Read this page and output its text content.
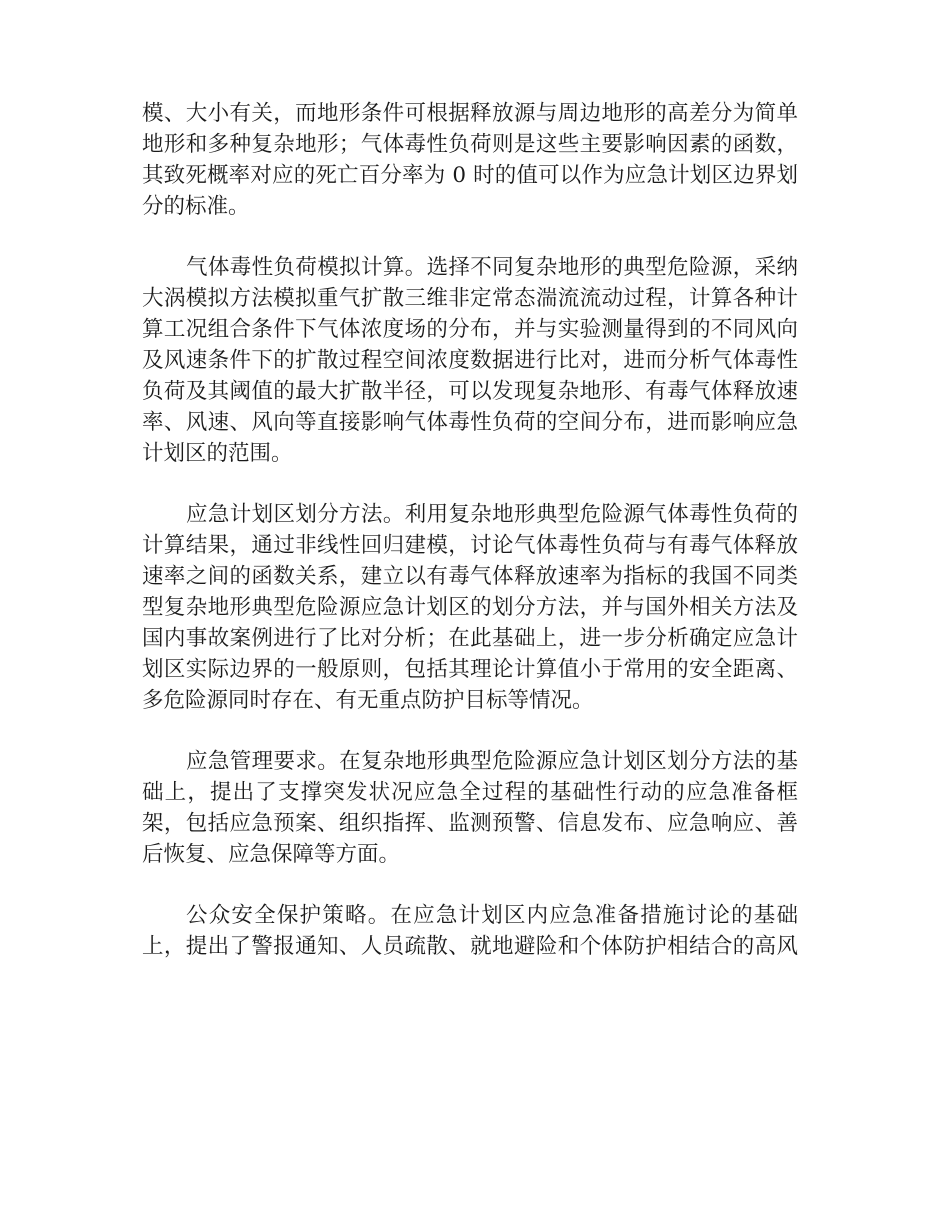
模、大小有关，而地形条件可根据释放源与周边地形的高差分为简单
地形和多种复杂地形；气体毒性负荷则是这些主要影响因素的函数，
其致死概率对应的死亡百分率为 0 时的值可以作为应急计划区边界划
分的标准。
气体毒性负荷模拟计算。选择不同复杂地形的典型危险源，采纳
大涡模拟方法模拟重气扩散三维非定常态湍流流动过程，计算各种计
算工况组合条件下气体浓度场的分布，并与实验测量得到的不同风向
及风速条件下的扩散过程空间浓度数据进行比对，进而分析气体毒性
负荷及其阈值的最大扩散半径，可以发现复杂地形、有毒气体释放速
率、风速、风向等直接影响气体毒性负荷的空间分布，进而影响应急
计划区的范围。
应急计划区划分方法。利用复杂地形典型危险源气体毒性负荷的
计算结果，通过非线性回归建模，讨论气体毒性负荷与有毒气体释放
速率之间的函数关系，建立以有毒气体释放速率为指标的我国不同类
型复杂地形典型危险源应急计划区的划分方法，并与国外相关方法及
国内事故案例进行了比对分析；在此基础上，进一步分析确定应急计
划区实际边界的一般原则，包括其理论计算值小于常用的安全距离、
多危险源同时存在、有无重点防护目标等情况。
应急管理要求。在复杂地形典型危险源应急计划区划分方法的基
础上，提出了支撑突发状况应急全过程的基础性行动的应急准备框
架，包括应急预案、组织指挥、监测预警、信息发布、应急响应、善
后恢复、应急保障等方面。
公众安全保护策略。在应急计划区内应急准备措施讨论的基础
上，提出了警报通知、人员疏散、就地避险和个体防护相结合的高风
